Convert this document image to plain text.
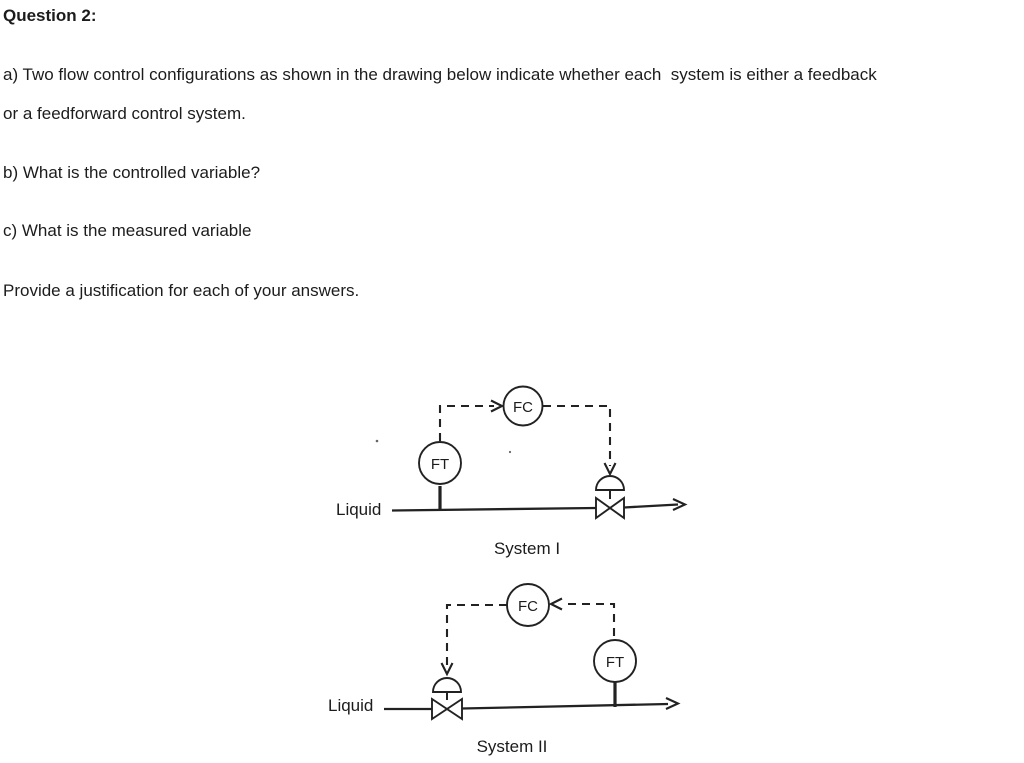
Question 2:
a) Two flow control configurations as shown in the drawing below indicate whether each  system is either a feedback
or a feedforward control system.
b) What is the controlled variable?
c) What is the measured variable
Provide a justification for each of your answers.
FT
FC
Liquid
System I
FC
FT
Liquid
System II
